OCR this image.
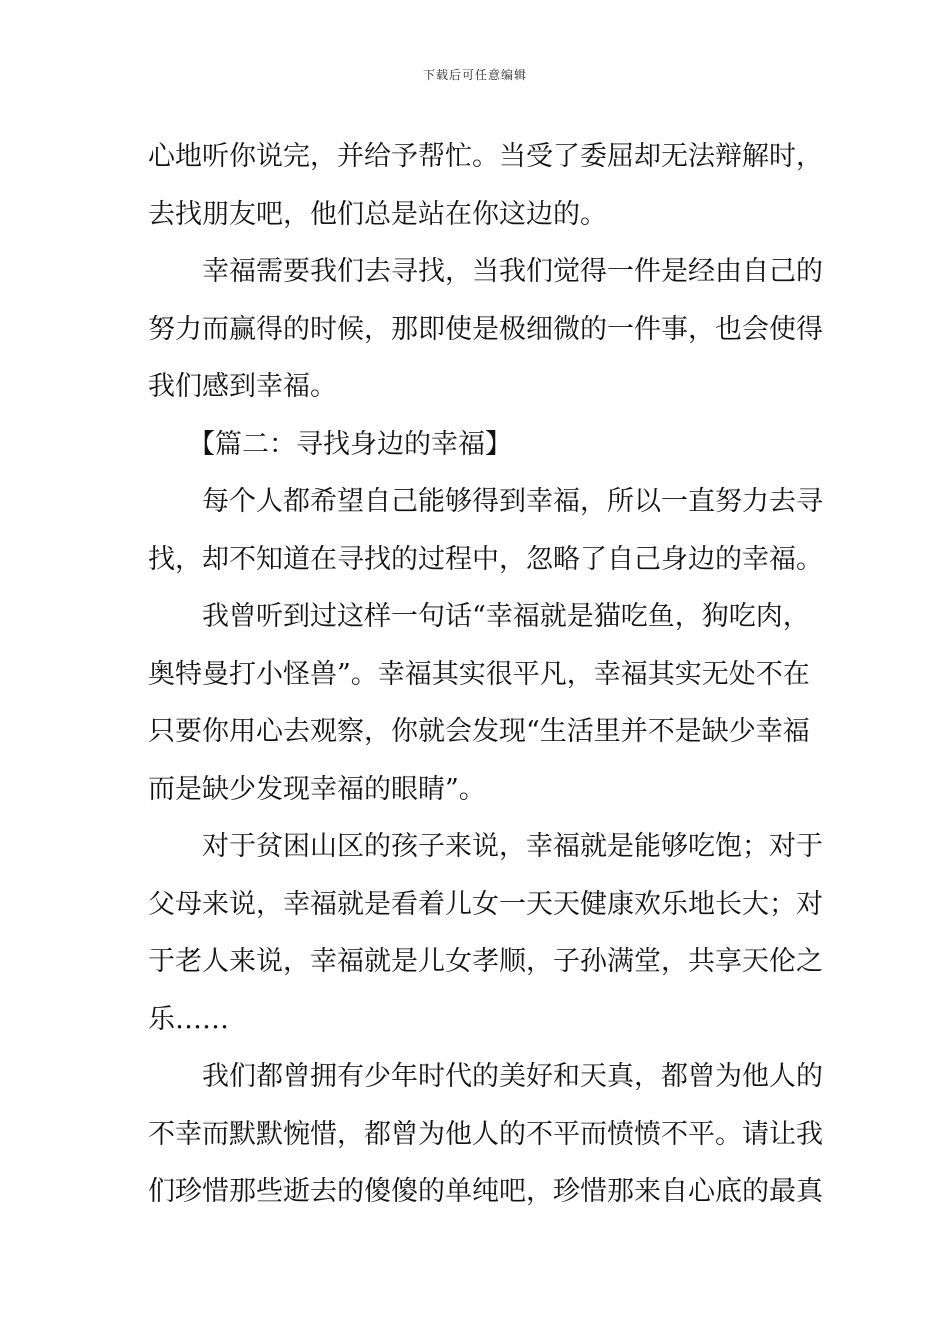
下载后可任意编辑
心地听你说完，并给予帮忙。当受了委屈却无法辩解时，
去找朋友吧，他们总是站在你这边的。
幸福需要我们去寻找，当我们觉得一件是经由自己的
努力而赢得的时候，那即使是极细微的一件事，也会使得
我们感到幸福。
【篇二：寻找身边的幸福】
每个人都希望自己能够得到幸福，所以一直努力去寻
找，却不知道在寻找的过程中，忽略了自己身边的幸福。
我曾听到过这样一句话“幸福就是猫吃鱼，狗吃肉，
奥特曼打小怪兽”。幸福其实很平凡，幸福其实无处不在
只要你用心去观察，你就会发现“生活里并不是缺少幸福
而是缺少发现幸福的眼睛”。
对于贫困山区的孩子来说，幸福就是能够吃饱；对于
父母来说，幸福就是看着儿女一天天健康欢乐地长大；对
于老人来说，幸福就是儿女孝顺，子孙满堂，共享天伦之
乐……
我们都曾拥有少年时代的美好和天真，都曾为他人的
不幸而默默惋惜，都曾为他人的不平而愤愤不平。请让我
们珍惜那些逝去的傻傻的单纯吧，珍惜那来自心底的最真
